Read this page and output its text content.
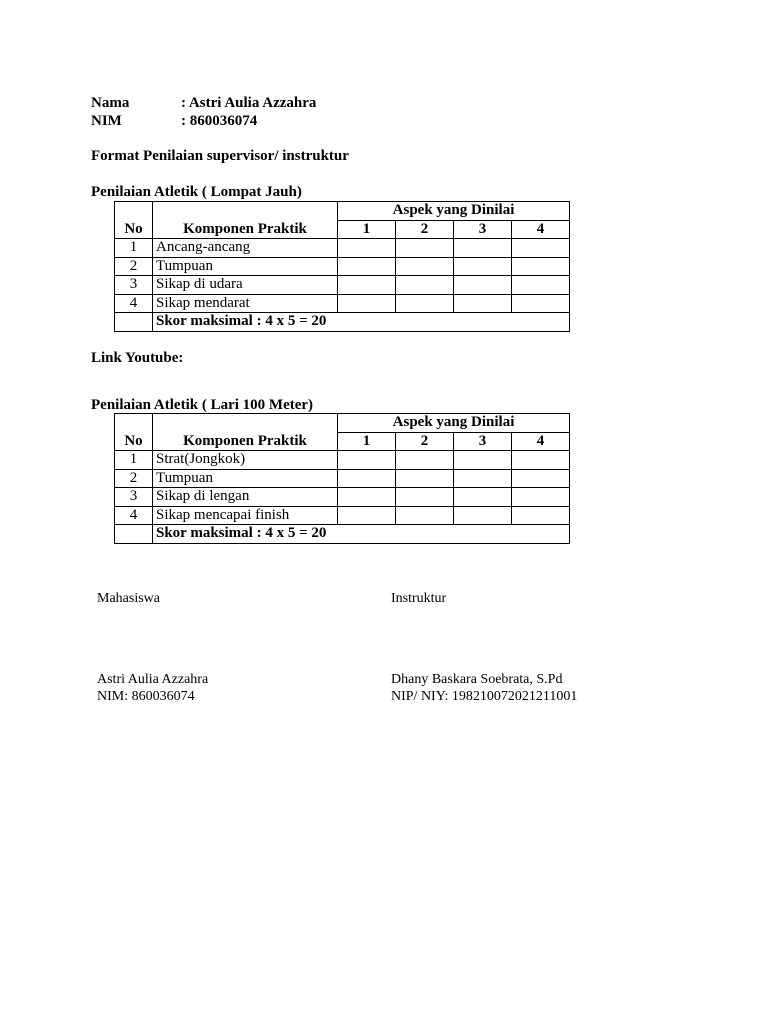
Nama	: Astri Aulia Azzahra
NIM	: 860036074
Format Penilaian supervisor/ instruktur
Penilaian Atletik ( Lompat Jauh)
		Aspek yang Dinilai			
No	Komponen Praktik	1	2	3	4
1	Ancang-ancang				
2	Tumpuan				
3	Sikap di udara				
4	Sikap mendarat				
	Skor maksimal : 4 x 5 = 20				
Link Youtube:
Penilaian Atletik ( Lari 100 Meter)
		Aspek yang Dinilai			
No	Komponen Praktik	1	2	3	4
1	Strat(Jongkok)				
2	Tumpuan				
3	Sikap di lengan				
4	Sikap mencapai finish				
	Skor maksimal : 4 x 5 = 20				
Mahasiswa	Instruktur
Astri Aulia Azzahra
NIM: 860036074
Dhany Baskara Soebrata, S.Pd
NIP/ NIY: 198210072021211001
